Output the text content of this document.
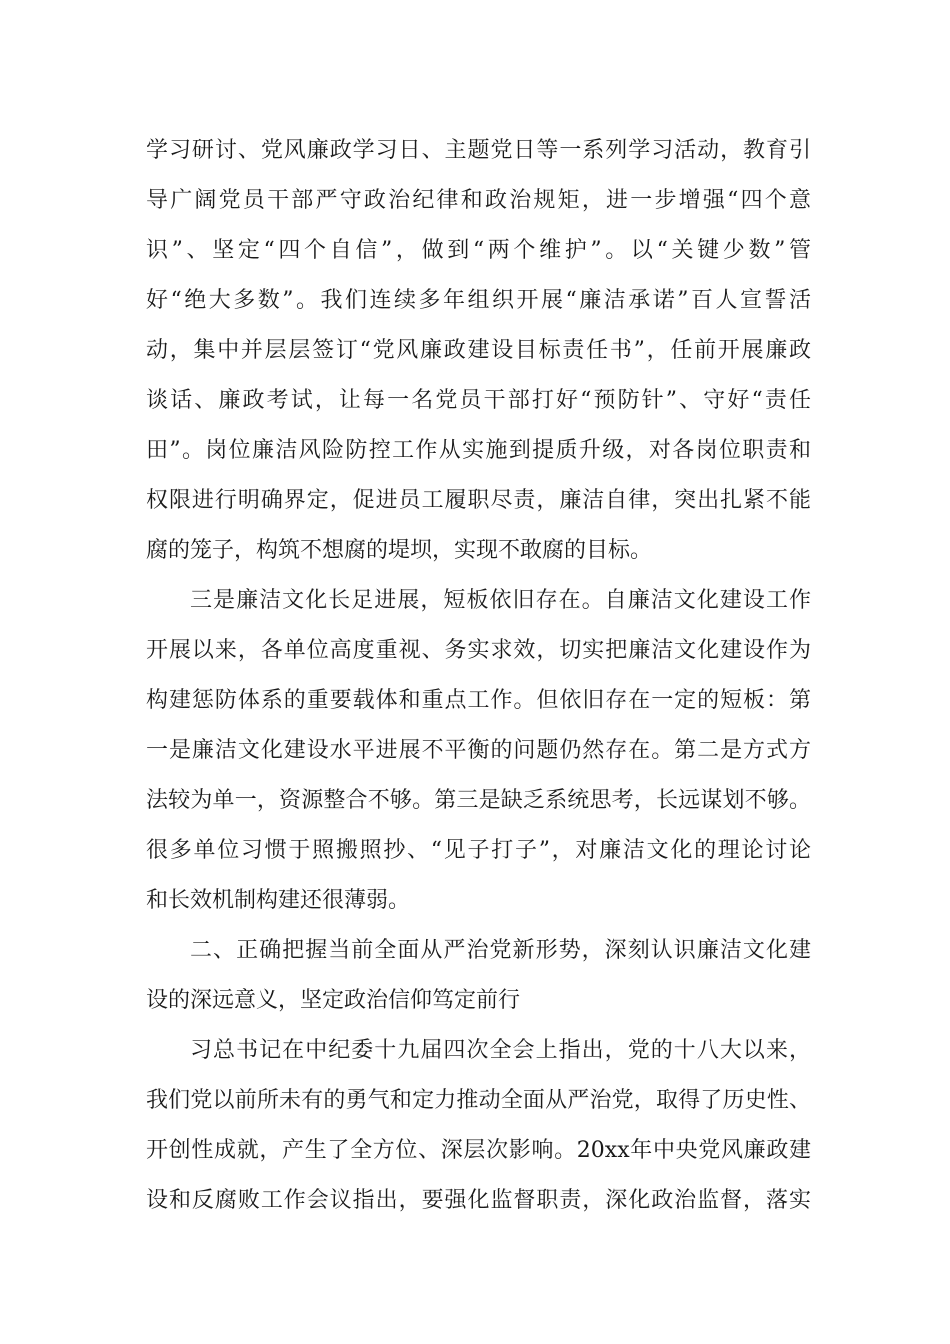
学习研讨、党风廉政学习日、主题党日等一系列学习活动，教育引
导广阔党员干部严守政治纪律和政治规矩，进一步增强“四个意
识”、坚定“四个自信”，做到“两个维护”。以“关键少数”管
好“绝大多数”。我们连续多年组织开展“廉洁承诺”百人宣誓活
动，集中并层层签订“党风廉政建设目标责任书”，任前开展廉政
谈话、廉政考试，让每一名党员干部打好“预防针”、守好“责任
田”。岗位廉洁风险防控工作从实施到提质升级，对各岗位职责和
权限进行明确界定，促进员工履职尽责，廉洁自律，突出扎紧不能
腐的笼子，构筑不想腐的堤坝，实现不敢腐的目标。
三是廉洁文化长足进展，短板依旧存在。自廉洁文化建设工作
开展以来，各单位高度重视、务实求效，切实把廉洁文化建设作为
构建惩防体系的重要载体和重点工作。但依旧存在一定的短板：第
一是廉洁文化建设水平进展不平衡的问题仍然存在。第二是方式方
法较为单一，资源整合不够。第三是缺乏系统思考，长远谋划不够。
很多单位习惯于照搬照抄、“见子打子”，对廉洁文化的理论讨论
和长效机制构建还很薄弱。
二、正确把握当前全面从严治党新形势，深刻认识廉洁文化建
设的深远意义，坚定政治信仰笃定前行
习总书记在中纪委十九届四次全会上指出，党的十八大以来，
我们党以前所未有的勇气和定力推动全面从严治党，取得了历史性、
开创性成就，产生了全方位、深层次影响。20xx年中央党风廉政建
设和反腐败工作会议指出，要强化监督职责，深化政治监督，落实
